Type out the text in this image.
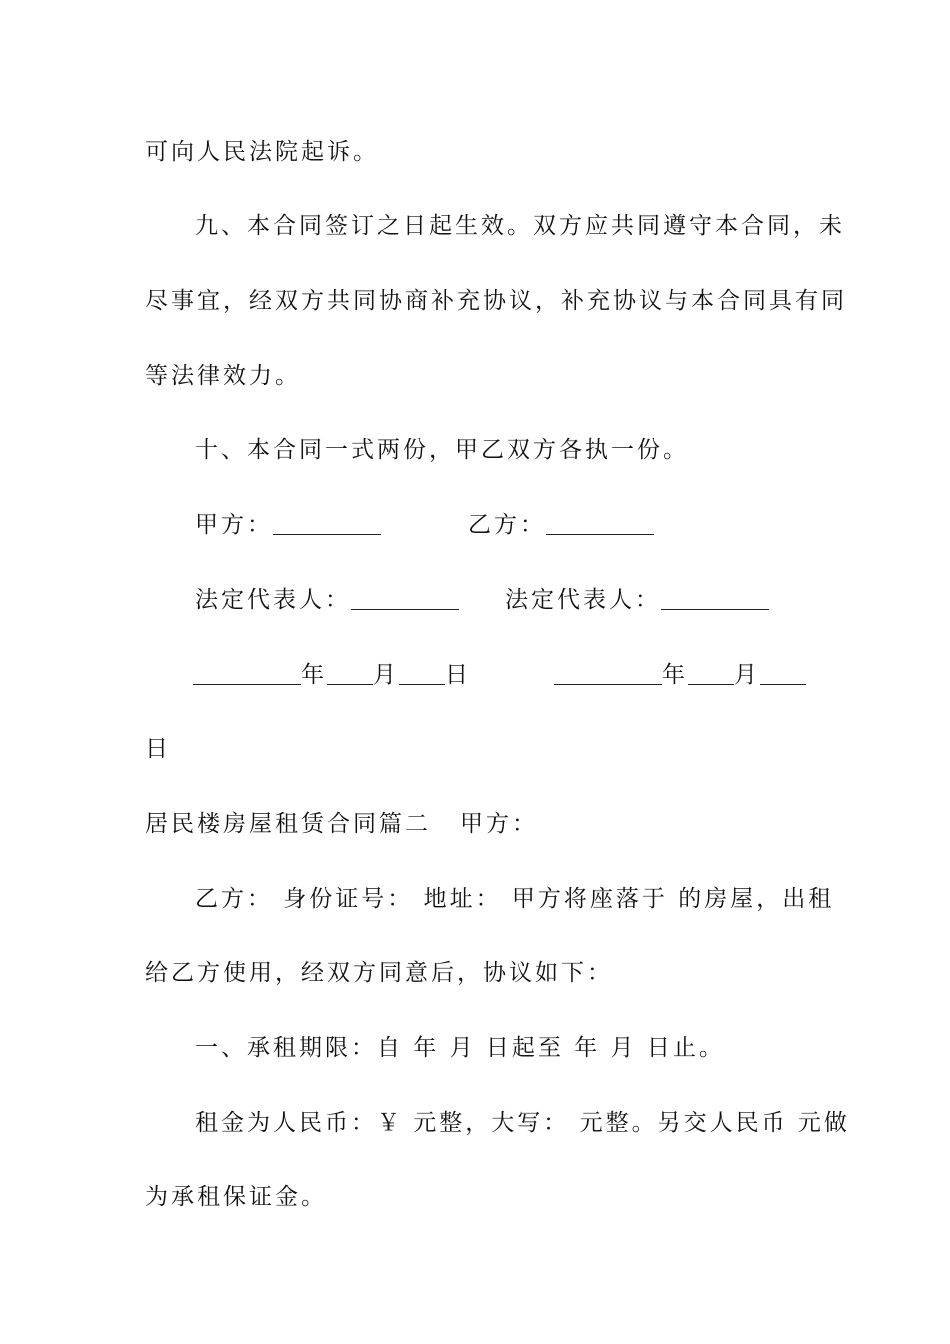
可向人民法院起诉。
九、本合同签订之日起生效。双方应共同遵守本合同，未
尽事宜，经双方共同协商补充协议，补充协议与本合同具有同
等法律效力。
十、本合同一式两份，甲乙双方各执一份。
甲方：	乙方：
法定代表人：	法定代表人：
年 月 日	年 月
日
居民楼房屋租赁合同篇二 甲方：
乙方： 身份证号： 地址： 甲方将座落于 的房屋，出租
给乙方使用，经双方同意后，协议如下：
一、承租期限：自 年 月 日起至 年 月 日止。
租金为人民币：￥ 元整，大写： 元整。另交人民币 元做
为承租保证金。
